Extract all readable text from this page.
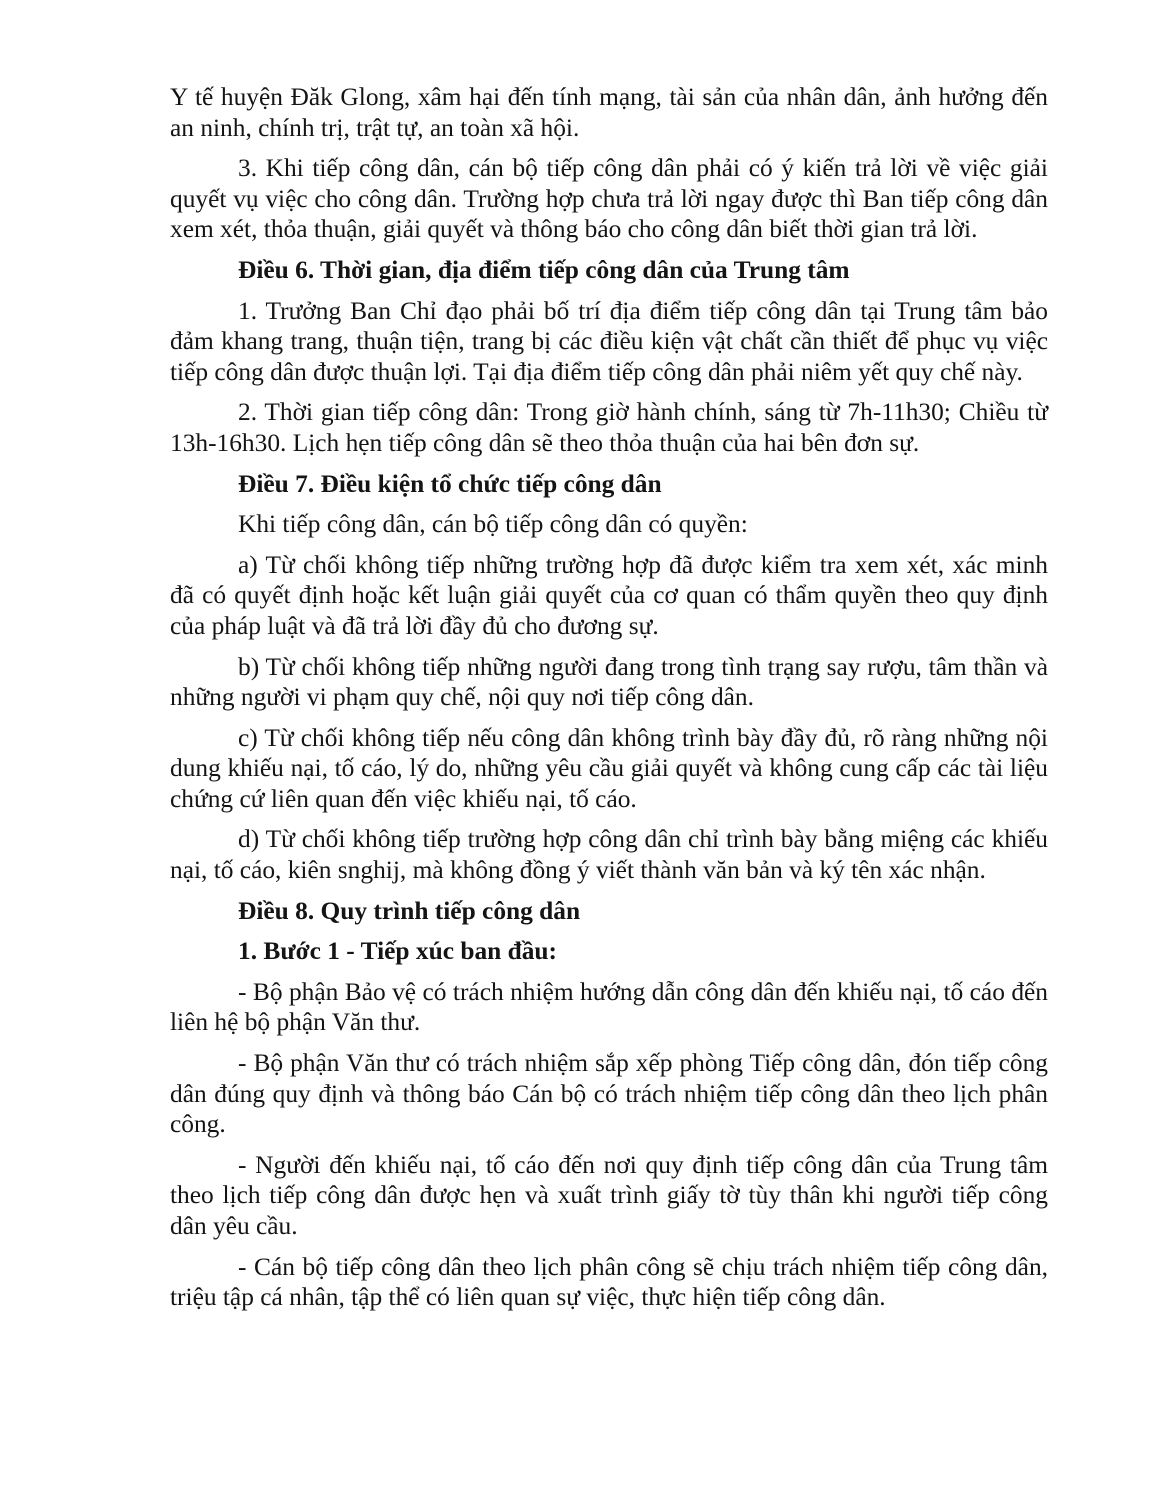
Y tế huyện Đăk Glong, xâm hại đến tính mạng, tài sản của nhân dân, ảnh hưởng đến an ninh, chính trị, trật tự, an toàn xã hội.

3. Khi tiếp công dân, cán bộ tiếp công dân phải có ý kiến trả lời về việc giải quyết vụ việc cho công dân. Trường hợp chưa trả lời ngay được thì Ban tiếp công dân xem xét, thỏa thuận, giải quyết và thông báo cho công dân biết thời gian trả lời.

Điều 6. Thời gian, địa điểm tiếp công dân của Trung tâm

1. Trưởng Ban Chỉ đạo phải bố trí địa điểm tiếp công dân tại Trung tâm bảo đảm khang trang, thuận tiện, trang bị các điều kiện vật chất cần thiết để phục vụ việc tiếp công dân được thuận lợi. Tại địa điểm tiếp công dân phải niêm yết quy chế này.

2. Thời gian tiếp công dân: Trong giờ hành chính, sáng từ 7h-11h30; Chiều từ 13h-16h30. Lịch hẹn tiếp công dân sẽ theo thỏa thuận của hai bên đơn sự.

Điều 7. Điều kiện tổ chức tiếp công dân

Khi tiếp công dân, cán bộ tiếp công dân có quyền:

a) Từ chối không tiếp những trường hợp đã được kiểm tra xem xét, xác minh đã có quyết định hoặc kết luận giải quyết của cơ quan có thẩm quyền theo quy định của pháp luật và đã trả lời đầy đủ cho đương sự.

b) Từ chối không tiếp những người đang trong tình trạng say rượu, tâm thần và những người vi phạm quy chế, nội quy nơi tiếp công dân.

c) Từ chối không tiếp nếu công dân không trình bày đầy đủ, rõ ràng những nội dung khiếu nại, tố cáo, lý do, những yêu cầu giải quyết và không cung cấp các tài liệu chứng cứ liên quan đến việc khiếu nại, tố cáo.

d) Từ chối không tiếp trường hợp công dân chỉ trình bày bằng miệng các khiếu nại, tố cáo, kiên snghij, mà không đồng ý viết thành văn bản và ký tên xác nhận.

Điều 8. Quy trình tiếp công dân

1. Bước 1 - Tiếp xúc ban đầu:

- Bộ phận Bảo vệ có trách nhiệm hướng dẫn công dân đến khiếu nại, tố cáo đến liên hệ bộ phận Văn thư.

- Bộ phận Văn thư có trách nhiệm sắp xếp phòng Tiếp công dân, đón tiếp công dân đúng quy định và thông báo Cán bộ có trách nhiệm tiếp công dân theo lịch phân công.

- Người đến khiếu nại, tố cáo đến nơi quy định tiếp công dân của Trung tâm theo lịch tiếp công dân được hẹn và xuất trình giấy tờ tùy thân khi người tiếp công dân yêu cầu.

- Cán bộ tiếp công dân theo lịch phân công sẽ chịu trách nhiệm tiếp công dân, triệu tập cá nhân, tập thể có liên quan sự việc, thực hiện tiếp công dân.
